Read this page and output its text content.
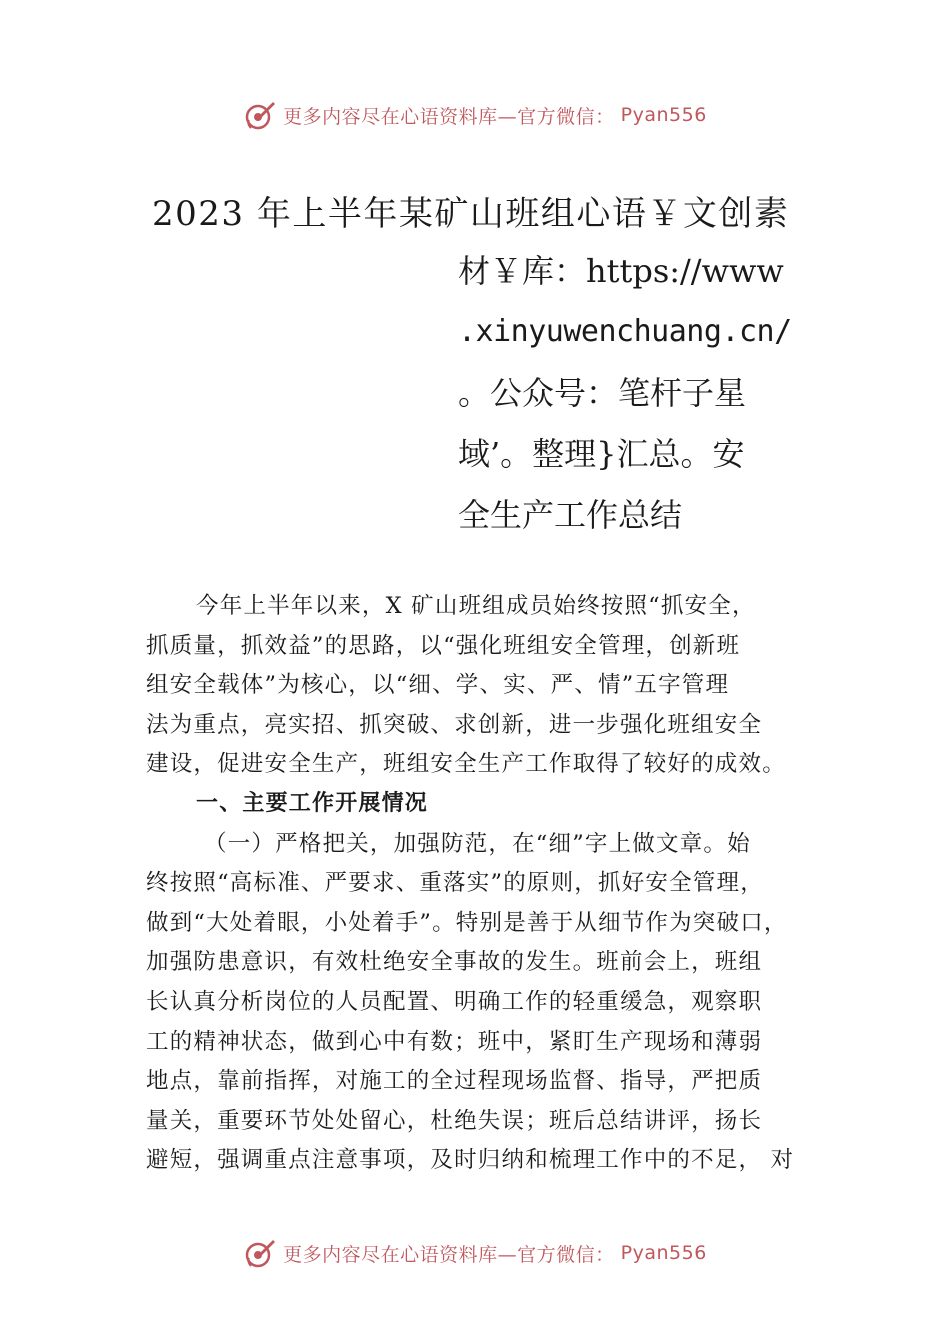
更多内容尽在心语资料库—官方微信： Pyan556
2023 年上半年某矿山班组心语￥文创素
材￥库：https://www
.xinyuwenchuang.cn/
。公众号：笔杆子星
域’。整理}汇总。安
全生产工作总结
今年上半年以来，X 矿山班组成员始终按照“抓安全，
抓质量，抓效益”的思路，以“强化班组安全管理，创新班
组安全载体”为核心，以“细、学、实、严、情”五字管理
法为重点，亮实招、抓突破、求创新，进一步强化班组安全
建设，促进安全生产，班组安全生产工作取得了较好的成效。
一、主要工作开展情况
（一）严格把关，加强防范，在“细”字上做文章。始
终按照“高标准、严要求、重落实”的原则，抓好安全管理，
做到“大处着眼，小处着手”。特别是善于从细节作为突破口，
加强防患意识，有效杜绝安全事故的发生。班前会上，班组
长认真分析岗位的人员配置、明确工作的轻重缓急，观察职
工的精神状态，做到心中有数；班中，紧盯生产现场和薄弱
地点，靠前指挥，对施工的全过程现场监督、指导，严把质
量关，重要环节处处留心，杜绝失误；班后总结讲评，扬长
避短，强调重点注意事项，及时归纳和梳理工作中的不足， 对
更多内容尽在心语资料库—官方微信： Pyan556
